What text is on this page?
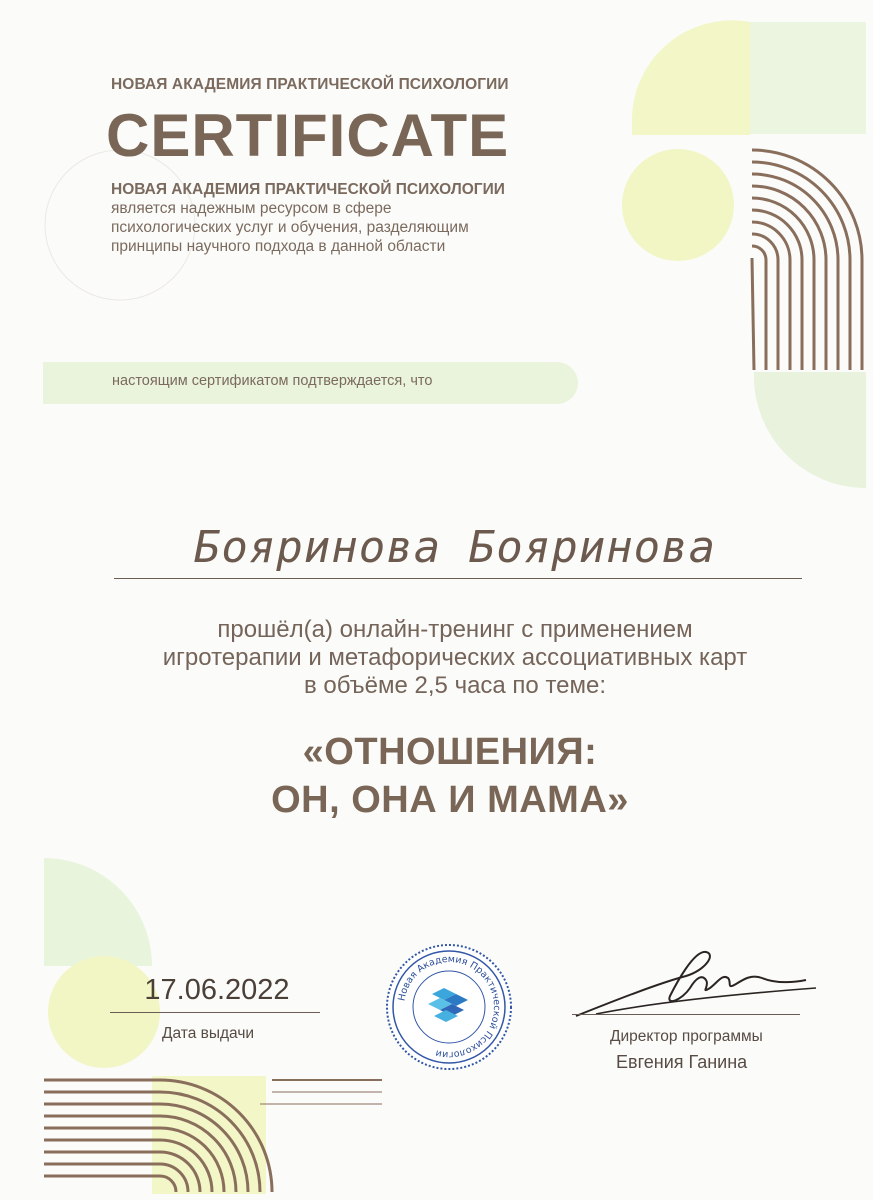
НОВАЯ АКАДЕМИЯ ПРАКТИЧЕСКОЙ ПСИХОЛОГИИ
CERTIFICATE
НОВАЯ АКАДЕМИЯ ПРАКТИЧЕСКОЙ ПСИХОЛОГИИ
является надежным ресурсом в сфере
психологических услуг и обучения, разделяющим
принципы научного подхода в данной области
настоящим сертификатом подтверждается, что
Бояринова Бояринова
прошёл(а) онлайн-тренинг с применением
игротерапии и метафорических ассоциативных карт
в объёме 2,5 часа по теме:
«ОТНОШЕНИЯ:
ОН, ОНА И МАМА»
17.06.2022
Дата выдачи
Новая Академия Практической Психологии
Директор программы
Евгения Ганина
